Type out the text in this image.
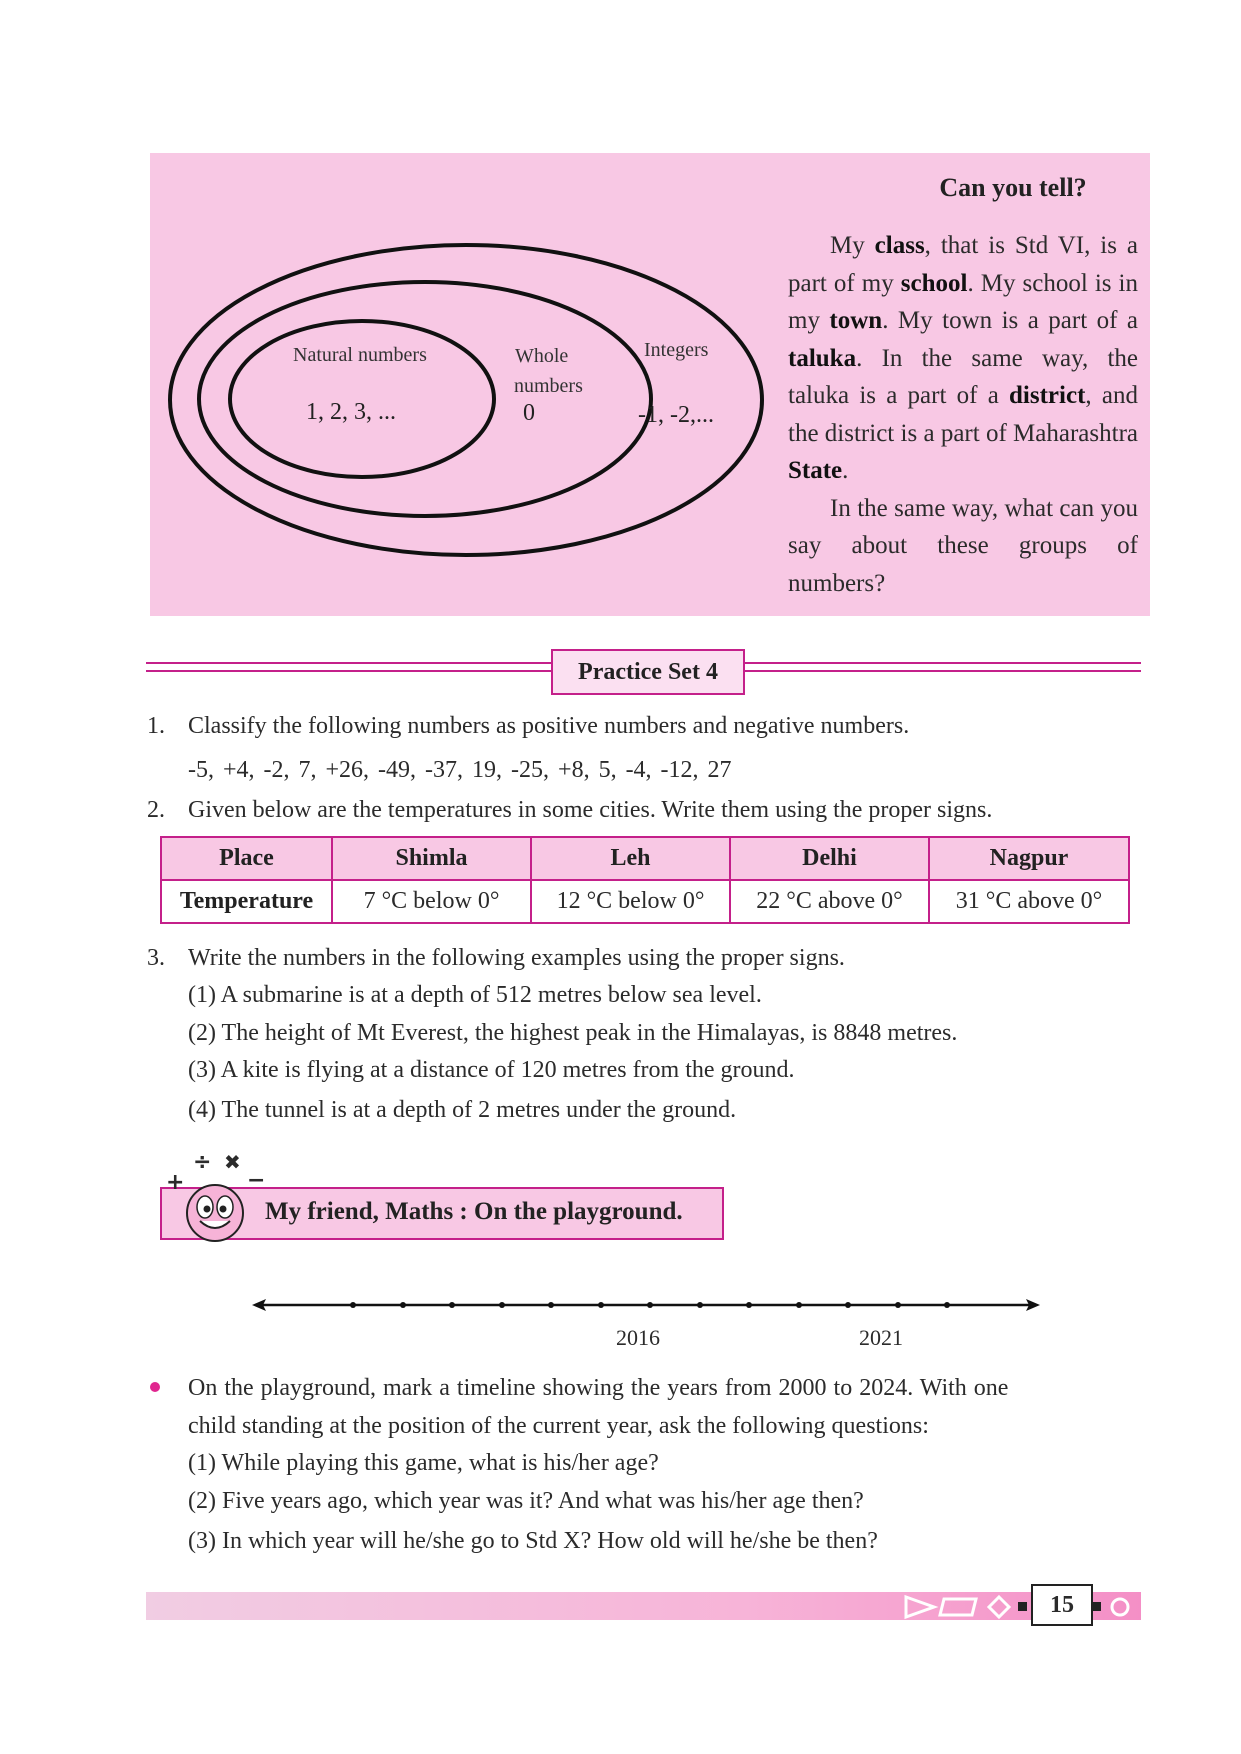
Natural numbers
1, 2, 3, ...
Whole
numbers
0
Integers
-1, -2,...
Can you tell?

My class, that is Std VI, is a part of my school. My school is in my town. My town is a part of a taluka. In the same way, the taluka is a part of a district, and the district is a part of Maharashtra State.

In the same way, what can you say about these groups of numbers?

Practice Set 4
1. Classify the following numbers as positive numbers and negative numbers.
-5, +4, -2, 7, +26, -49, -37, 19, -25, +8, 5, -4, -12, 27
2. Given below are the temperatures in some cities. Write them using the proper signs.
Place	Shimla	Leh	Delhi	Nagpur
Temperature	7 °C below 0°	12 °C below 0°	22 °C above 0°	31 °C above 0°
3. Write the numbers in the following examples using the proper signs.
(1) A submarine is at a depth of 512 metres below sea level.
(2) The height of Mt Everest, the highest peak in the Himalayas, is 8848 metres.
(3) A kite is flying at a distance of 120 metres from the ground.
(4) The tunnel is at a depth of 2 metres under the ground.
+
÷ ✖
−
My friend, Maths : On the playground.
2016	2021
On the playground, mark a timeline showing the years from 2000 to 2024. With one
child standing at the position of the current year, ask the following questions:
(1) While playing this game, what is his/her age?
(2) Five years ago, which year was it? And what was his/her age then?
(3) In which year will he/she go to Std X? How old will he/she be then?
15
